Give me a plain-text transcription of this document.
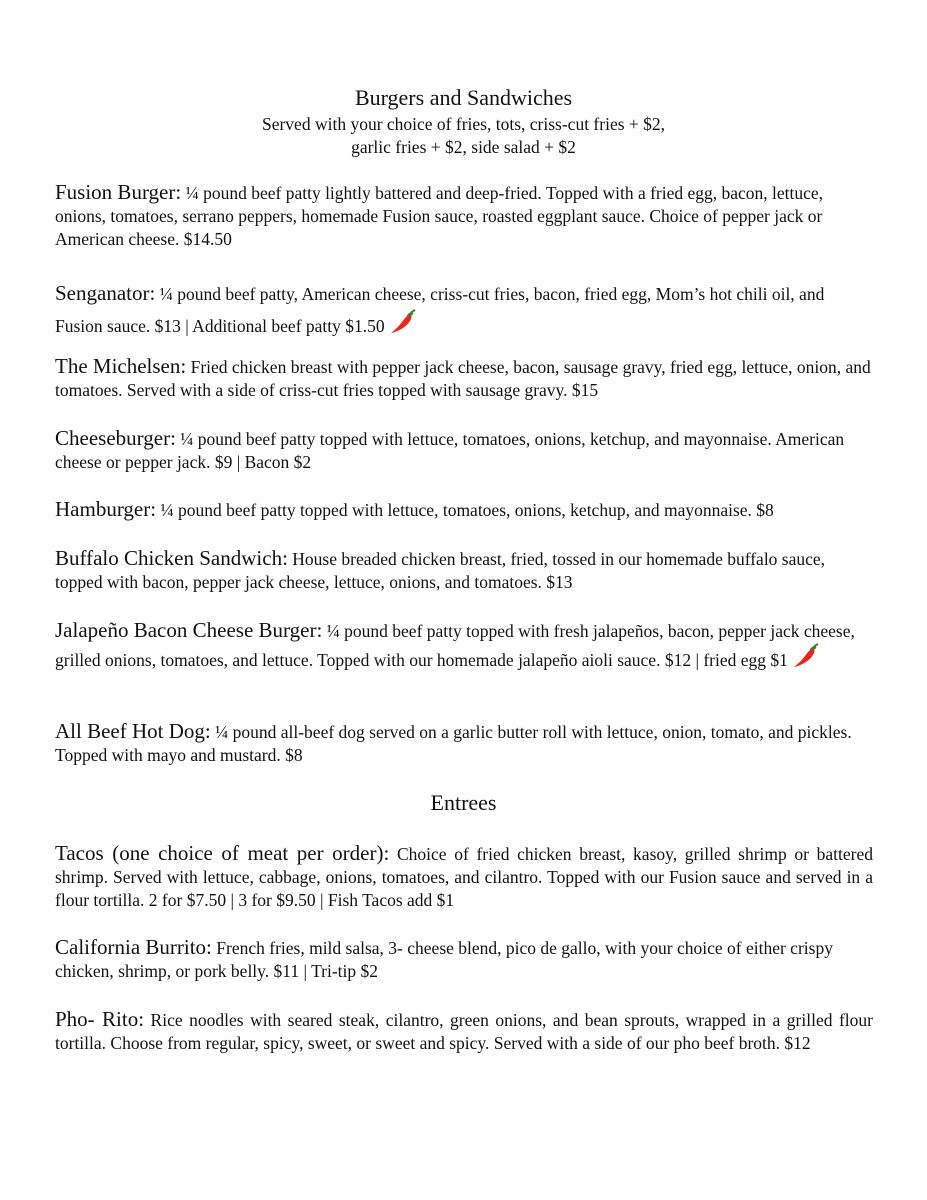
Burgers and Sandwiches
Served with your choice of fries, tots, criss-cut fries + $2,
garlic fries + $2, side salad + $2

Fusion Burger: ¼ pound beef patty lightly battered and deep-fried. Topped with a fried egg, bacon, lettuce, onions, tomatoes, serrano peppers, homemade Fusion sauce, roasted eggplant sauce. Choice of pepper jack or American cheese. $14.50

Senganator: ¼ pound beef patty, American cheese, criss-cut fries, bacon, fried egg, Mom’s hot chili oil, and Fusion sauce. $13 | Additional beef patty $1.50

The Michelsen: Fried chicken breast with pepper jack cheese, bacon, sausage gravy, fried egg, lettuce, onion, and tomatoes. Served with a side of criss-cut fries topped with sausage gravy. $15

Cheeseburger: ¼ pound beef patty topped with lettuce, tomatoes, onions, ketchup, and mayonnaise. American cheese or pepper jack. $9 | Bacon $2

Hamburger: ¼ pound beef patty topped with lettuce, tomatoes, onions, ketchup, and mayonnaise. $8

Buffalo Chicken Sandwich: House breaded chicken breast, fried, tossed in our homemade buffalo sauce, topped with bacon, pepper jack cheese, lettuce, onions, and tomatoes. $13

Jalapeño Bacon Cheese Burger: ¼ pound beef patty topped with fresh jalapeños, bacon, pepper jack cheese, grilled onions, tomatoes, and lettuce. Topped with our homemade jalapeño aioli sauce. $12 | fried egg $1

All Beef Hot Dog: ¼ pound all-beef dog served on a garlic butter roll with lettuce, onion, tomato, and pickles. Topped with mayo and mustard. $8

Entrees

Tacos (one choice of meat per order): Choice of fried chicken breast, kasoy, grilled shrimp or battered shrimp. Served with lettuce, cabbage, onions, tomatoes, and cilantro. Topped with our Fusion sauce and served in a flour tortilla. 2 for $7.50 | 3 for $9.50 | Fish Tacos add $1

California Burrito: French fries, mild salsa, 3- cheese blend, pico de gallo, with your choice of either crispy chicken, shrimp, or pork belly. $11 | Tri-tip $2

Pho- Rito: Rice noodles with seared steak, cilantro, green onions, and bean sprouts, wrapped in a grilled flour tortilla. Choose from regular, spicy, sweet, or sweet and spicy. Served with a side of our pho beef broth. $12
